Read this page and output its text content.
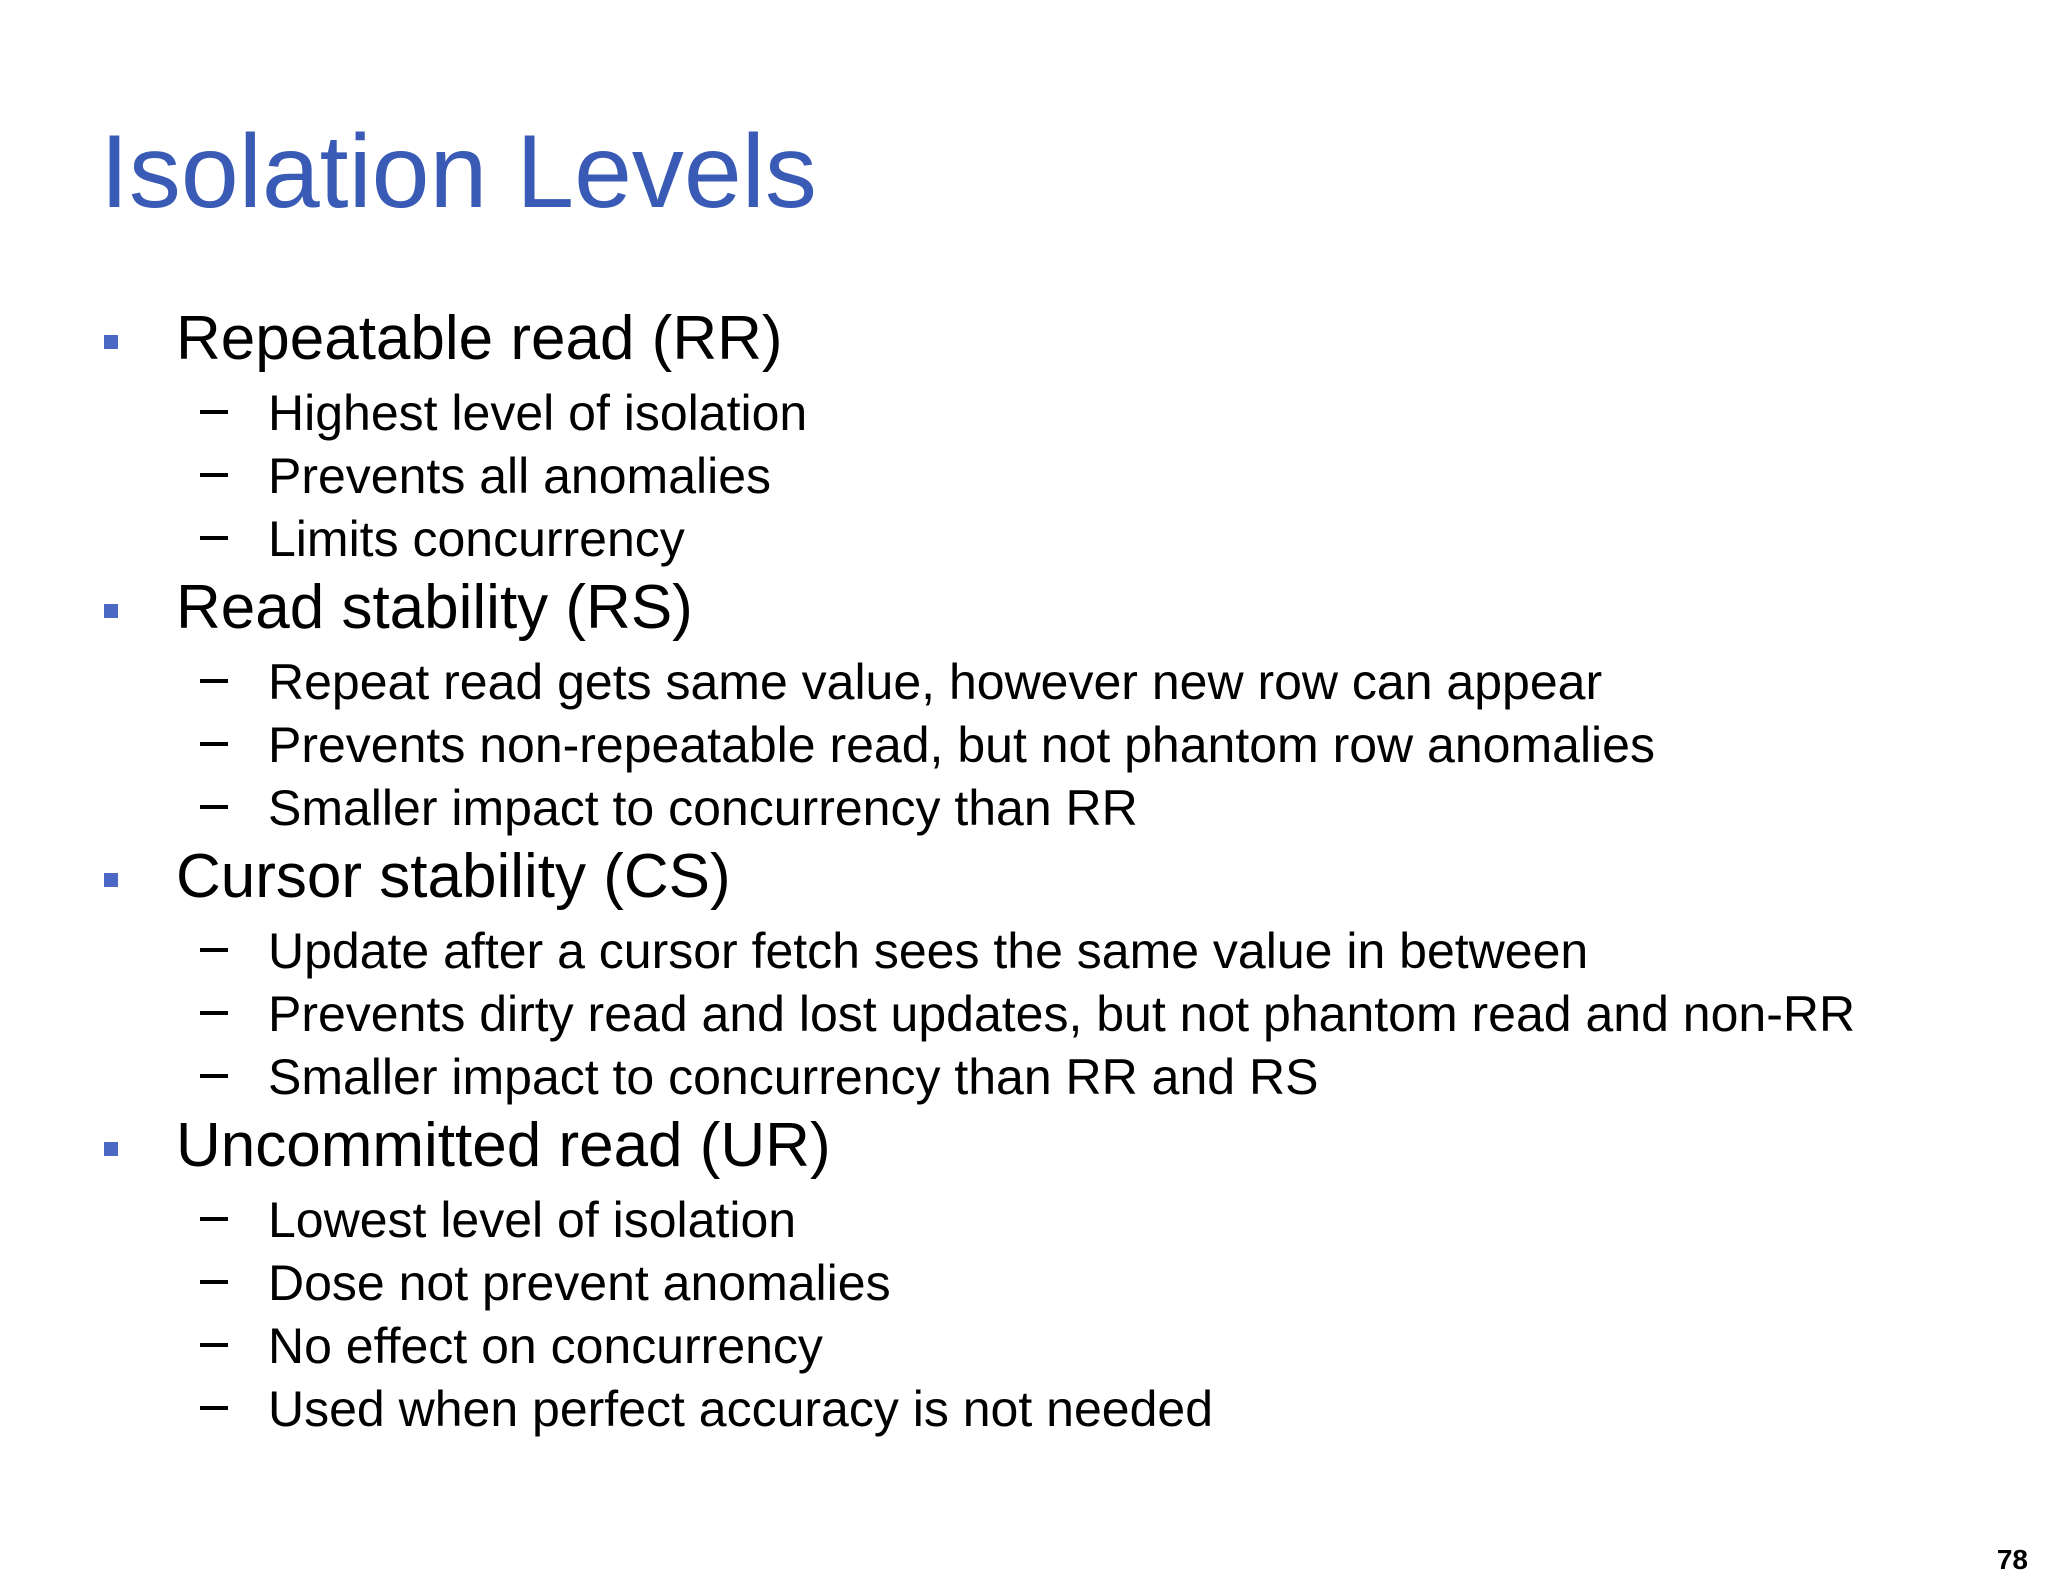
Isolation Levels
Repeatable read (RR)
Highest level of isolation
Prevents all anomalies
Limits concurrency
Read stability (RS)
Repeat read gets same value, however new row can appear
Prevents non-repeatable read, but not phantom row anomalies
Smaller impact to concurrency than RR
Cursor stability (CS)
Update after a cursor fetch sees the same value in between
Prevents dirty read and lost updates, but not phantom read and non-RR
Smaller impact to concurrency than RR and RS
Uncommitted read (UR)
Lowest level of isolation
Dose not prevent anomalies
No effect on concurrency
Used when perfect accuracy is not needed
78
